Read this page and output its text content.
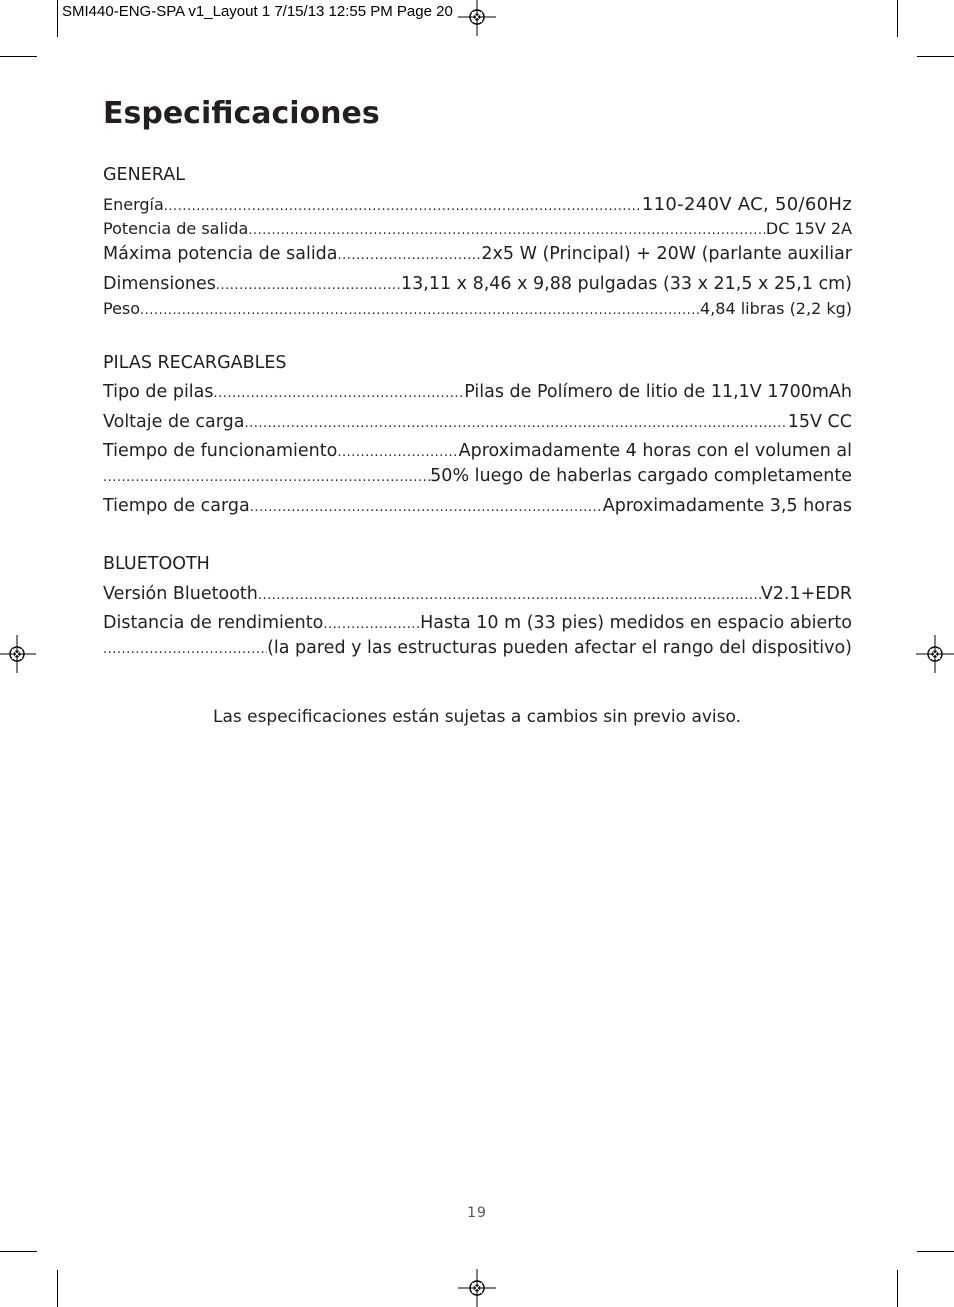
SMI440-ENG-SPA v1_Layout 1 7/15/13 12:55 PM Page 20
Especificaciones
GENERAL
Energía .....	110-240V AC, 50/60Hz
Potencia de salida .....	DC 15V 2A
Máxima potencia de salida .....	2x5 W (Principal) + 20W (parlante auxiliar
Dimensiones .....	13,11 x 8,46 x 9,88 pulgadas (33 x 21,5 x 25,1 cm)
Peso .....	4,84 libras (2,2 kg)
PILAS RECARGABLES
Tipo de pilas .....	Pilas de Polímero de litio de 11,1V 1700mAh
Voltaje de carga .....	15V CC
Tiempo de funcionamiento .....	Aproximadamente 4 horas con el volumen al
.....
50% luego de haberlas cargado completamente
Tiempo de carga .....	Aproximadamente 3,5 horas
BLUETOOTH
Versión Bluetooth .....	V2.1+EDR
Distancia de rendimiento .....	Hasta 10 m (33 pies) medidos en espacio abierto
.....
(la pared y las estructuras pueden afectar el rango del dispositivo)
Las especificaciones están sujetas a cambios sin previo aviso.
19
